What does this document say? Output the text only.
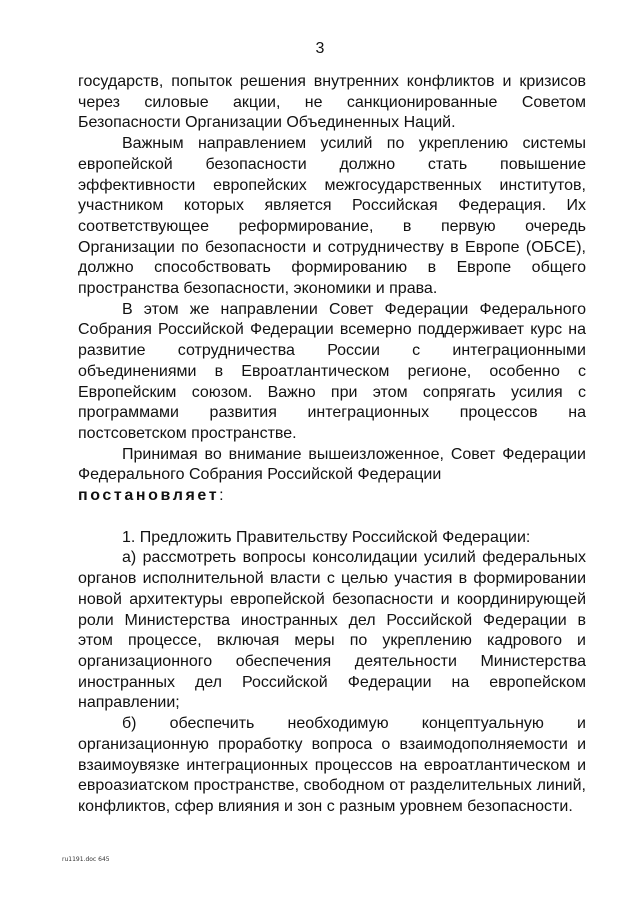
3

государств, попыток решения внутренних конфликтов и кризисов через силовые акции, не санкционированные Советом Безопасности Организации Объединенных Наций.

Важным направлением усилий по укреплению системы европейской безопасности должно стать повышение эффективности европейских межгосударственных институтов, участником которых является Российская Федерация. Их соответствующее реформирование, в первую очередь Организации по безопасности и сотрудничеству в Европе (ОБСЕ), должно способствовать формированию в Европе общего пространства безопасности, экономики и права.

В этом же направлении Совет Федерации Федерального Собрания Российской Федерации всемерно поддерживает курс на развитие сотрудничества России с интеграционными объединениями в Евроатлантическом регионе, особенно с Европейским союзом. Важно при этом сопрягать усилия с программами развития интеграционных процессов на постсоветском пространстве.

Принимая во внимание вышеизложенное, Совет Федерации Федерального Собрания Российской Федерации

постановляет:

1. Предложить Правительству Российской Федерации:

а) рассмотреть вопросы консолидации усилий федеральных органов исполнительной власти с целью участия в формировании новой архитектуры европейской безопасности и координирующей роли Министерства иностранных дел Российской Федерации в этом процессе, включая меры по укреплению кадрового и организационного обеспечения деятельности Министерства иностранных дел Российской Федерации на европейском направлении;

б) обеспечить необходимую концептуальную и организационную проработку вопроса о взаимодополняемости и взаимоувязке интеграционных процессов на евроатлантическом и евроазиатском пространстве, свободном от разделительных линий, конфликтов, сфер влияния и зон с разным уровнем безопасности.

ru1191.doc 645
